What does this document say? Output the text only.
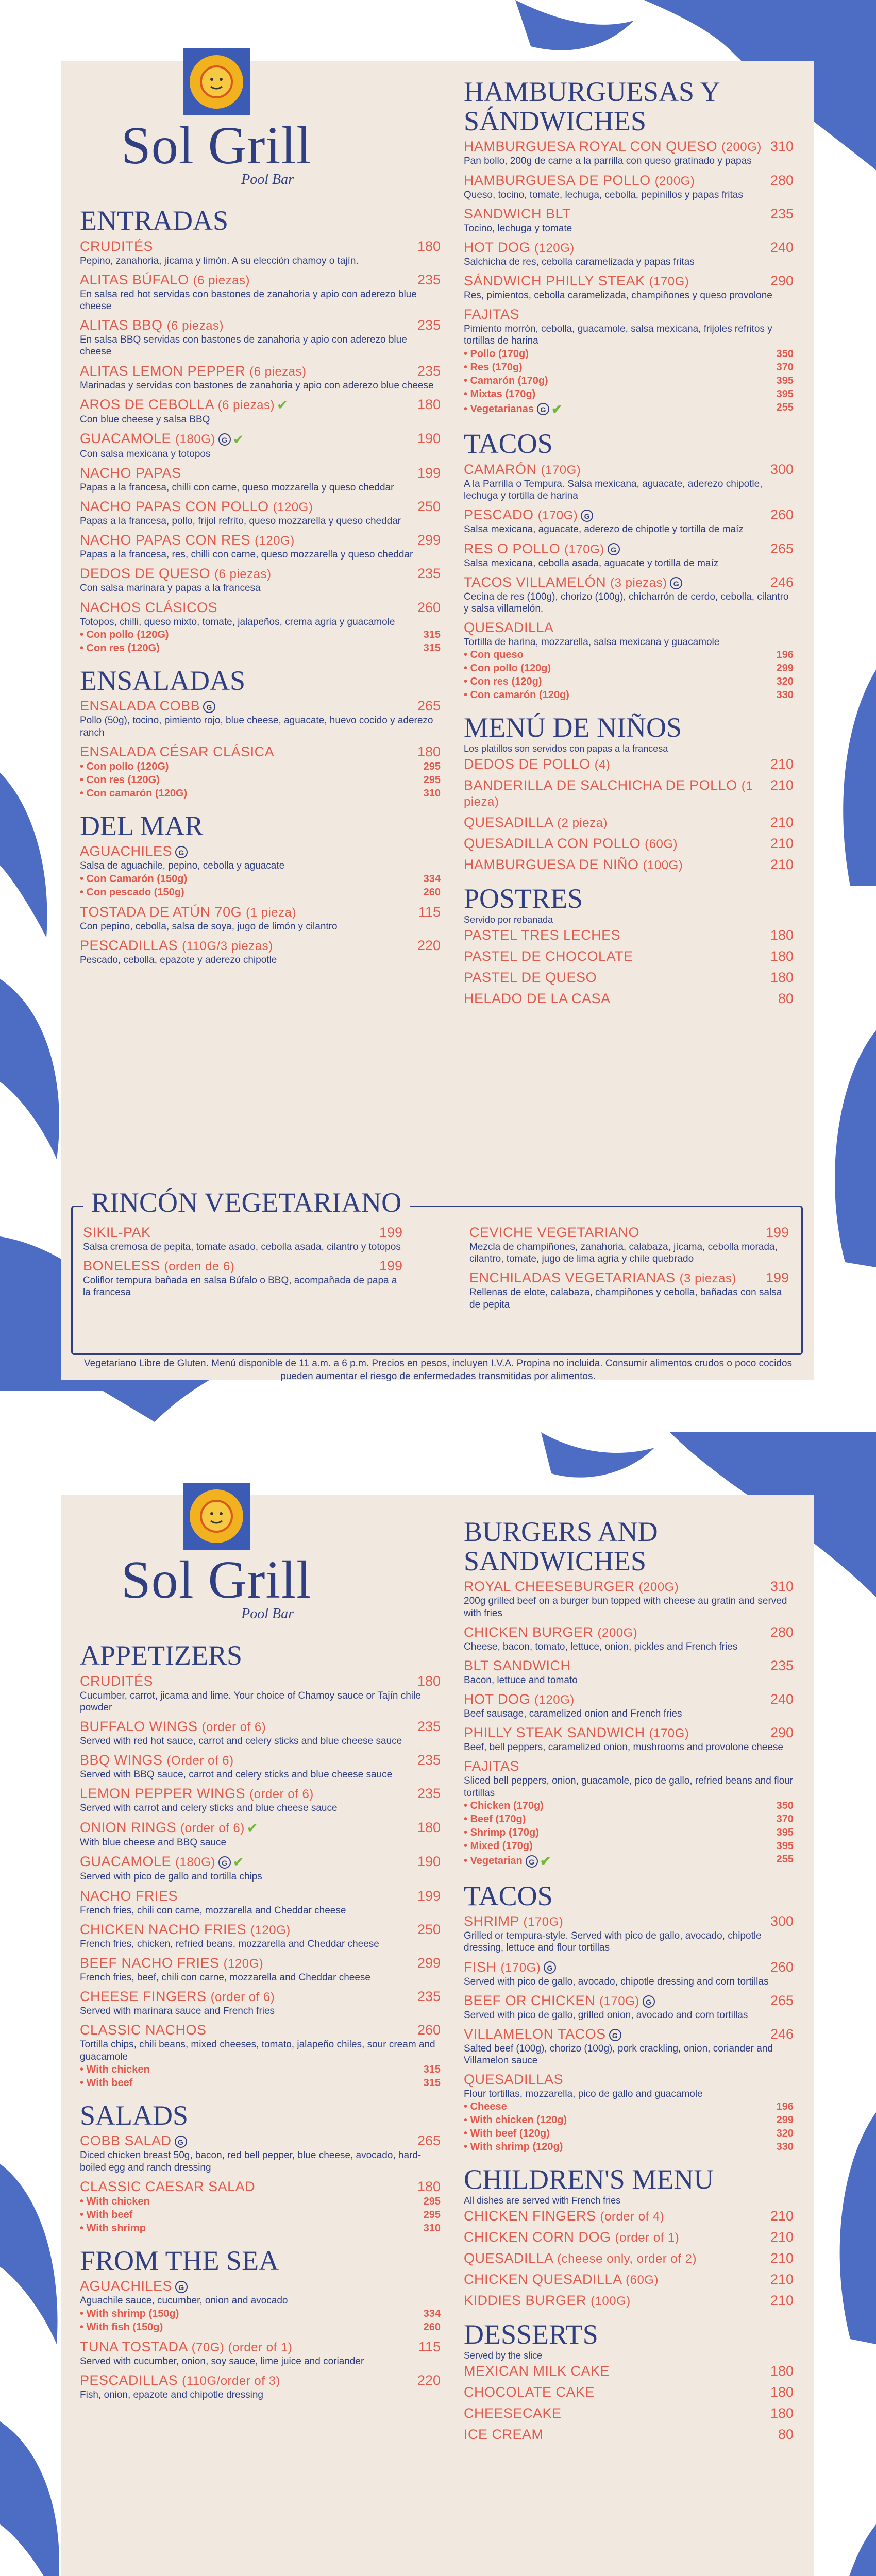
Sol Grill
Pool Bar
ENTRADAS
CRUDITÉS	180
Pepino, zanahoria, jícama y limón. A su elección chamoy o tajín.
ALITAS BÚFALO (6 piezas)	235
En salsa red hot servidas con bastones de zanahoria y apio con aderezo blue cheese
ALITAS BBQ (6 piezas)	235
En salsa BBQ servidas con bastones de zanahoria y apio con aderezo blue cheese
ALITAS LEMON PEPPER (6 piezas)	235
Marinadas y servidas con bastones de zanahoria y apio con aderezo blue cheese
AROS DE CEBOLLA (6 piezas) ✔	180
Con blue cheese y salsa BBQ
GUACAMOLE (180G) G ✔	190
Con salsa mexicana y totopos
NACHO PAPAS	199
Papas a la francesa, chilli con carne, queso mozzarella y queso cheddar
NACHO PAPAS CON POLLO (120G)	250
Papas a la francesa, pollo, frijol refrito, queso mozzarella y queso cheddar
NACHO PAPAS CON RES (120G)	299
Papas a la francesa, res, chilli con carne, queso mozzarella y queso cheddar
DEDOS DE QUESO (6 piezas)	235
Con salsa marinara y papas a la francesa
NACHOS CLÁSICOS	260
Totopos, chilli, queso mixto, tomate, jalapeños, crema agria y guacamole
• Con pollo (120G)	315
• Con res (120G)	315
ENSALADAS
ENSALADA COBB G	265
Pollo (50g), tocino, pimiento rojo, blue cheese, aguacate, huevo cocido y aderezo ranch
ENSALADA CÉSAR CLÁSICA	180
• Con pollo (120G)	295
• Con res (120G)	295
• Con camarón (120G)	310
DEL MAR
AGUACHILES G
Salsa de aguachile, pepino, cebolla y aguacate
• Con Camarón (150g)	334
• Con pescado (150g)	260
TOSTADA DE ATÚN 70G (1 pieza)	115
Con pepino, cebolla, salsa de soya, jugo de limón y cilantro
PESCADILLAS (110G/3 piezas)	220
Pescado, cebolla, epazote y aderezo chipotle
HAMBURGUESAS Y SÁNDWICHES
HAMBURGUESA ROYAL CON QUESO (200G) 310
Pan bollo, 200g de carne a la parrilla con queso gratinado y papas
HAMBURGUESA DE POLLO (200G)	280
Queso, tocino, tomate, lechuga, cebolla, pepinillos y papas fritas
SANDWICH BLT	235
Tocino, lechuga y tomate
HOT DOG (120G)	240
Salchicha de res, cebolla caramelizada y papas fritas
SÁNDWICH PHILLY STEAK (170G)	290
Res, pimientos, cebolla caramelizada, champiñones y queso provolone
FAJITAS
Pimiento morrón, cebolla, guacamole, salsa mexicana, frijoles refritos y tortillas de harina
• Pollo (170g)	350
• Res (170g)	370
• Camarón (170g)	395
• Mixtas (170g)	395
• Vegetarianas G ✔	255
TACOS
CAMARÓN (170G)	300
A la Parrilla o Tempura. Salsa mexicana, aguacate, aderezo chipotle, lechuga y tortilla de harina
PESCADO (170G) G	260
Salsa mexicana, aguacate, aderezo de chipotle y tortilla de maíz
RES O POLLO (170G) G	265
Salsa mexicana, cebolla asada, aguacate y tortilla de maíz
TACOS VILLAMELÓN (3 piezas) G	246
Cecina de res (100g), chorizo (100g), chicharrón de cerdo, cebolla, cilantro y salsa villamelón.
QUESADILLA
Tortilla de harina, mozzarella, salsa mexicana y guacamole
• Con queso	196
• Con pollo (120g)	299
• Con res (120g)	320
• Con camarón (120g)	330
MENÚ DE NIÑOS
Los platillos son servidos con papas a la francesa
DEDOS DE POLLO (4)	210
BANDERILLA DE SALCHICHA DE POLLO (1 pieza)
210
QUESADILLA (2 pieza)	210
QUESADILLA CON POLLO (60G)	210
HAMBURGUESA DE NIÑO (100G)	210
POSTRES
Servido por rebanada
PASTEL TRES LECHES	180
PASTEL DE CHOCOLATE	180
PASTEL DE QUESO	180
HELADO DE LA CASA	80
RINCÓN VEGETARIANO
SIKIL-PAK	199
Salsa cremosa de pepita, tomate asado, cebolla asada, cilantro y totopos
BONELESS (orden de 6)	199
Coliflor tempura bañada en salsa Búfalo o BBQ, acompañada de papa a la francesa
CEVICHE VEGETARIANO	199
Mezcla de champiñones, zanahoria, calabaza, jícama, cebolla morada, cilantro, tomate, jugo de lima agria y chile quebrado
ENCHILADAS VEGETARIANAS (3 piezas) 199
Rellenas de elote, calabaza, champiñones y cebolla, bañadas con salsa de pepita
Vegetariano Libre de Gluten. Menú disponible de 11 a.m. a 6 p.m. Precios en pesos, incluyen I.V.A. Propina no incluida. Consumir alimentos crudos o poco cocidos pueden aumentar el riesgo de enfermedades transmitidas por alimentos.
Sol Grill
Pool Bar
APPETIZERS
CRUDITÉS	180
Cucumber, carrot, jicama and lime. Your choice of Chamoy sauce or Tajín chile powder
BUFFALO WINGS (order of 6)	235
Served with red hot sauce, carrot and celery sticks and blue cheese sauce
BBQ WINGS (Order of 6)	235
Served with BBQ sauce, carrot and celery sticks and blue cheese sauce
LEMON PEPPER WINGS (order of 6)	235
Served with carrot and celery sticks and blue cheese sauce
ONION RINGS (order of 6) ✔	180
With blue cheese and BBQ sauce
GUACAMOLE (180G) G ✔	190
Served with pico de gallo and tortilla chips
NACHO FRIES	199
French fries, chili con carne, mozzarella and Cheddar cheese
CHICKEN NACHO FRIES (120G)	250
French fries, chicken, refried beans, mozzarella and Cheddar cheese
BEEF NACHO FRIES (120G)	299
French fries, beef, chili con carne, mozzarella and Cheddar cheese
CHEESE FINGERS (order of 6)	235
Served with marinara sauce and French fries
CLASSIC NACHOS	260
Tortilla chips, chili beans, mixed cheeses, tomato, jalapeño chiles, sour cream and guacamole
• With chicken	315
• With beef	315
SALADS
COBB SALAD G	265
Diced chicken breast 50g, bacon, red bell pepper, blue cheese, avocado, hard-boiled egg and ranch dressing
CLASSIC CAESAR SALAD	180
• With chicken	295
• With beef	295
• With shrimp	310
FROM THE SEA
AGUACHILES G
Aguachile sauce, cucumber, onion and avocado
• With shrimp (150g)	334
• With fish (150g)	260
TUNA TOSTADA (70G) (order of 1)	115
Served with cucumber, onion, soy sauce, lime juice and coriander
PESCADILLAS (110G/order of 3)	220
Fish, onion, epazote and chipotle dressing
BURGERS AND SANDWICHES
ROYAL CHEESEBURGER (200G)	310
200g grilled beef on a burger bun topped with cheese au gratin and served with fries
CHICKEN BURGER (200G)	280
Cheese, bacon, tomato, lettuce, onion, pickles and French fries
BLT SANDWICH	235
Bacon, lettuce and tomato
HOT DOG (120G)	240
Beef sausage, caramelized onion and French fries
PHILLY STEAK SANDWICH (170G)	290
Beef, bell peppers, caramelized onion, mushrooms and provolone cheese
FAJITAS
Sliced bell peppers, onion, guacamole, pico de gallo, refried beans and flour tortillas
• Chicken (170g)	350
• Beef (170g)	370
• Shrimp (170g)	395
• Mixed (170g)	395
• Vegetarian G ✔	255
TACOS
SHRIMP (170G)	300
Grilled or tempura-style. Served with pico de gallo, avocado, chipotle dressing, lettuce and flour tortillas
FISH (170G) G	260
Served with pico de gallo, avocado, chipotle dressing and corn tortillas
BEEF OR CHICKEN (170G) G	265
Served with pico de gallo, grilled onion, avocado and corn tortillas
VILLAMELON TACOS G	246
Salted beef (100g), chorizo (100g), pork crackling, onion, coriander and Villamelon sauce
QUESADILLAS
Flour tortillas, mozzarella, pico de gallo and guacamole
• Cheese	196
• With chicken (120g)	299
• With beef (120g)	320
• With shrimp (120g)	330
CHILDREN'S MENU
All dishes are served with French fries
CHICKEN FINGERS (order of 4)	210
CHICKEN CORN DOG (order of 1)	210
QUESADILLA (cheese only, order of 2)	210
CHICKEN QUESADILLA (60G)	210
KIDDIES BURGER (100G)	210
DESSERTS
Served by the slice
MEXICAN MILK CAKE	180
CHOCOLATE CAKE	180
CHEESECAKE	180
ICE CREAM	80
